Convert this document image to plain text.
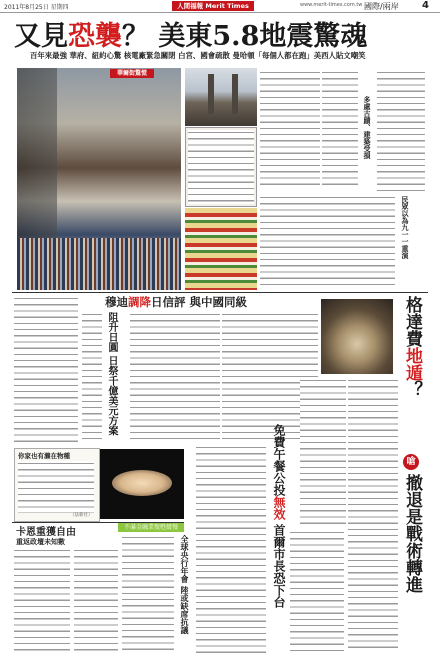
2011年8月25日 星期四	人間福報 Merit Times	www.merit-times.com.tw 國際/兩岸 4
又見恐襲？ 美東5.8地震驚魂
百年來最強 華府、紐約心驚 核電廠緊急關閉 白宮、國會疏散 曼哈頓「每個人都在跑」美西人貼文嘲笑
華爾街驚慌
多處古蹟、建築受損
民眾以為九一一重演
穆迪調降日信評 與中國同級
阻升日圓 日祭千億美元方案	格達費地遁？
嗆
撤退是戰術轉進
你家也有瀨在物種
（法新社）
卡恩重獲自由
重返政壇未知數
不滿金融業復甦緩慢
全球央行年會 陸或缺席抗議
免費午餐公投無效 首爾市長恐下台
